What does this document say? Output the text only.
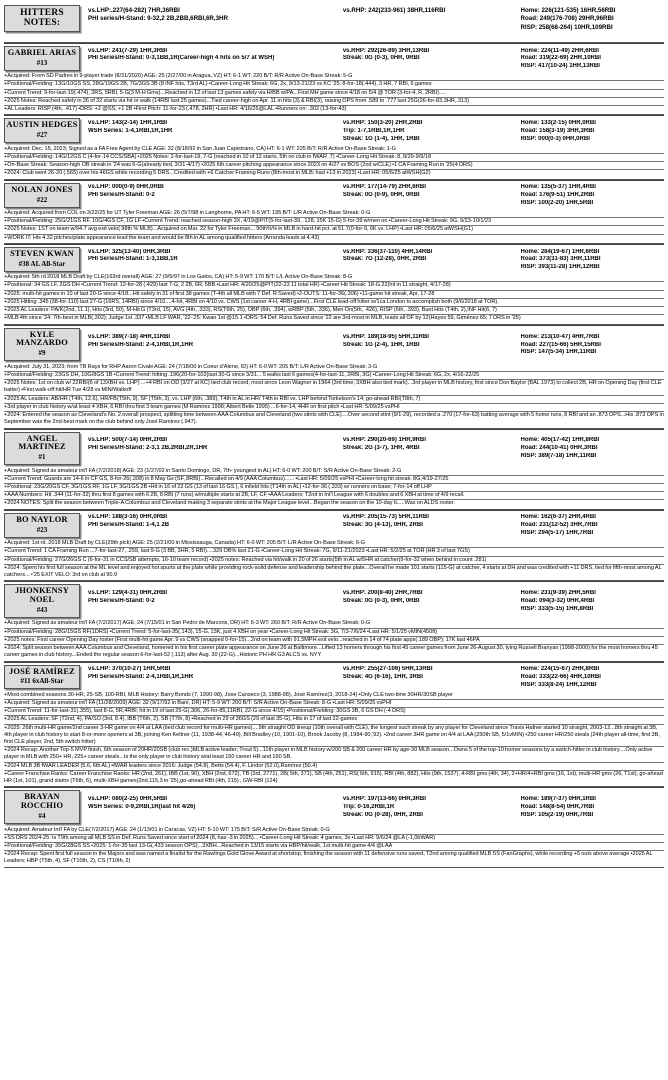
HITTERS NOTES:
vs.LHP:.227(64-282) 7HR,36RBI	vs.RHP: 242(233-961) 38HR,116RBI	Home: 226(121-535) 16HR,56RBI
PHI series/H-Stand: 9-32,2 2B,2BB,6RBI,6R,3HR	Road: 249(176-708) 29HR,96RBI
RISP: 258(68-264) 10HR,109RBI
GABRIEL ARIAS
#13
vs.LHP: 241(7-29) 1HR,3RBI	vs.RHP: 292(26-89) 3HR,13RBI	Home: 224(11-49) 2HR,6RBI
PHI Series/H-Stand: 0-3,1BB,1R(Career-high 4 hits on 5/7 at WSH)	Streak: 0G (0-3), 0HR, 0RBI	Road: 319(22-69) 2HR,10RBI
RISP: 417(10-24) 1HR,13RBI

+Acquired: From SD Padres in 9-player trade (8/31/2020) AGE: 25 (2/27/00 in Aragua, VZ) HT: 6-1 WT: 220 B/T: R/R Active On-Base Streak: 5-G

+Positional/Fielding: 13G/10GS SS, 28G/19GS 2B, 7G/3GS 3B (8 INF hits, T3rd AL) •Career-Long Hit Streak: 6G, 2x, 9/13-21/23 vs KC '25: 8-for-18(.444), 3 HR, 7 RBI, 6 games

+Current Trend: 9-for-last-19(.474), 3RS, 5RBI, 5-G(3 M-H Gms)...Reached in 12 of last 13 games safely via H/BB w/PA...First MH game since 4/18 on 5/4 @ TOR (3-for-4, R, 2RBI)....

+2025 Notes: Reached safely in 26 of 32 starts via hit or walk (14RBI last 25 games)...Tied career-high on Apr. 11 in hits (3) & RBI(3), raising OPS from .589 to .777 last 25G(26-for-83,3HR,.313)

+AL Leaders: RISP (4th, .417) •DRS: +2 @SS; +1 2B •First Pitch: 11-for-23 (.478, 2HR) •Last HR: 4/16/25@LAL •Runners on: .302 (13-for-43)

AUSTIN HEDGES
#27
vs.LHP: 143(2-14) 1HR,1RBI	vs.RHP: 150(3-20) 2HR,2RBI	Home: 133(2-15) 0HR,0RBI
WSH Series: 1-4,1RBI,1R,1HR	Trip: 1-7,1RBI,1R,1HR	Road: 158(3-19) 3HR,3RBI
Streak: 1G (1-4), 1HR, 1RBI	RISP: 000(0-3) 0HR,0RBI

+Acquired: Dec. 15, 2023; Signed as a FA Free Agent by CLE AGE: 32 (8/18/92 in San Juan Capistrano, CA) HT: 6-1 WT: 225 B/T: R/R Active On-Base Streak: 1-G

+Positional/Fielding: 14G/12GS C (4-for-14 CCS/SBA) •2025 Notes: 2-for-last-19, 7-G (reached in 10 of 12 starts, 5th on club in fWAR .7) •Career-Long Hit Streak: 8, 8/29-9/9/18

+On-Base Streak: Season-high OB streak in '24 was 6-G(already tied, 3/31-4/17) •2025 6th career pitching appearance since 2023 on 4/27 vs BOS (2nd w/CLE) •1 CA Framing Run in '25(4 DRS)

+2024: Club went 26-20 (.565) over his 46GS while recording 5 DRS...Credited with +6 Catcher Framing Runs (8th-most in MLB; had +13 in 2023) •Last HR: 05/6/25 atWSH(G2)

NOLAN JONES
#22
vs.LHP: 000(0-9) 0HR,0RBI	vs.RHP: 177(14-79) 2HR,6RBI	Home: 135(5-37) 1HR,4RBI
PHI Series/H-Stand: 0-2	Streak: 0G (0-9), 0HR, 0RBI	Road: 176(9-51) 1HR,2RBI
RISP: 100(2-20) 1HR,5RBI

+Acquired: Acquired from COL on 3/22/25 for UT Tyler Freeman AGE: 26 (5/7/98 in Langhorne, PA HT: 6-5 WT: 195 B/T: L/R Active On-Base Streak: 0-G

+Positional/Fielding: 25G/21GS RF, 10G/4GS CF, 1G LF •Current Trend: reached season-high 3X, 4/19@PIT(5-for-last-39, .128, 15K 15-G) 5-for-39 w/men on •Career-Long Hit Streak: 9G, 9/23-10/1/23

+2025 Notes: 1ST on team w/94.7 avg exit velo( 98th % MLB)...Acquired on Mar. 22 for Tyler Freeman... 90th%% in MLB in hard-hit pct. at 51.7(0-for-9, 6K vs. LHP) •Last HR: 05/6/25 atWSH(G1)

+WORK IT: His 4.32 pitches/plate appearance lead the team and would be 8th in AL among qualified hitters (Arranda leads at 4.43)

STEVEN KWAN
#38 AL All-Star
vs.LHP: 325(13-40) 0HR,3RBI	vs.RHP: 336(37-110) 4HR,14RBI	Home: 284(19-67) 1HR,6RBI
PHI Series/H-Stand: 1-3,1BB,1R	Streak: 7G (12-28), 0HR, 2RBI	Road: 373(31-83) 3HR,11RBI
RISP: 393(11-28) 1HR,12RBI

+Acquired: 5th rd 2018 MLB Draft by CLE(163rd overall) AGE: 27 (9/5/97 in Los Gatos, CA) HT: 5-9 WT: 170 B/T: L/L Active On-Base Streak: 8-G

+Positional: 34 GS LF, 2GS DH •Current Trend: 12-for-28 (.429) last 7-G, 2 2B, 6R, 5BB •Last HR: 4/20/25@PIT(22-23 11 total HR) •Career Hit Streak: 18-G 22(hit in 11 straight, 4/17-28)

+2025: multi-hit games in 10 of last 20-G since 4/18...Hit safely in 31 of first 38 games (T-4th all MLB with 7 Def. R Saved) •2-OUTS: 11-for-36(.306) •11-game hit streak, Apr. 17-28

+2025 Hitting .345 (38-for-110) last 27-G (16RS, 14RBI) since 4/10....4-hit, 4RBI on 4/10 vs. CWS (1st career 4-H, 4RBI game)...First CLE lead-off hitter w/1ca London to accomplish both (9/6/2018 at TOR).

+2025 AL Leaders: PA/K(2nd, 11.1), Hits (3rd, 50), M-Hit G (T3rd, 15), AVG (4th, .333), RS(T6th, 25), OBP (6th, .394), wRBP (5th, .336), Men On(5th, .426), RISP (6th, .393), Bunt Hits (T4th, 2),INF Hit(6, 7)

+MLB 4th since '24: 7th-best in MLB(.302); Judge 1st .337 •MLB LF WAR, '22-'25: Kwan 1st @15.1 •DRS: 54 Def. Runs Saved since '22 are 3rd-most in MLB, leads all OF by 12(Hayes 59, Giménez 65; 7 DRS in '25)

KYLE MANZARDO
#9
vs.LHP: 389(7-18) 4HR,11RBI	vs.RHP: 189(18-95) 5HR,11RBI	Home: 213(10-47) 4HR,7RBI
PHI Series/H-Stand: 2-4,1RBI,1R,1HR	Streak: 1G (2-4), 1HR, 1RBI	Road: 227(15-66) 5HR,15RBI
RISP: 147(5-34) 1HR,11RBI

+Acquired: July 31, 2023; from TB Rays for RHP Aaron Civale AGE: 24 (7/18/00 in Coeur d'Alene, ID) HT: 6-0 WT: 205 B/T: L/R Active On-Base Streak: 3-G

+Positional/Fielding: 23GS DH, 10G/8GS 1B •Current Trend: hitting .196(20-for-102)last 30-G since 3/31... 5 walks last 6 games(4-for-last-11, 2RBI, 3G) •Career-Long Hit Streak: 6G, 2x, 4/16-22/25

+2025 Notes: 1st on club w/ 22RBI(6 of 13XBH vs. LHP) ...+4 RBI on OD (3/27 at KC) tied club record, most since Leon Wagner in 1964 (3rd time; 3XBH also tied mark)...3rd player in MLB history, first since Don Baylor (BAL 1973) to collect 2B, HR on Opening Day (first CLE batter) •First walk-off hit/HR Tue 4/28 vs MIN/Walkoff

+2025 AL Leaders: AB/HR (T4th, 12.6), HR/FB(T5th, 9), SF (T5th, 3), vs. LHP (6th, .389), T4th in AL in HR/ T4th in RBI vs. LHP behind Torkelson's 14; go-ahead RBI(T8th, 7)

+3rd player in club history w/at least 4 XBH, 6 RBI thru first 3 team games (M Ramirez 1998; Albert Belle 1995) ...6-for-14, 4HR on first pitch •Last HR: 5/09/25 vsPHI

+2024: Entered the season as Cleveland's No. 2 overall prospect, splitting time between AAA Columbus and Cleveland (two stints with CLE)....Over second stint (9/1-29), recorded a .270 (17-for-63) batting average with 5 home runs, 8 RBI and an .873 OPS...His .873 OPS in September was the 2nd-best mark on the club behind only José Ramírez (.947).

ANGEL MARTINEZ
#1
vs.LHP: 500(7-14) 0HR,2RBI	vs.RHP: 290(20-69) 1HR,9RBI	Home: 405(17-42) 1HR,8RBI
PHI Series/H-Stand: 2-3,1 2B,2RBI,2R,1HR	Streak: 2G (3-7), 1HR, 4RBI	Road: 244(10-41) 0HR,3RBI
RISP: 389(7-18) 1HR,11RBI

+Acquired: Signed as amateur int'l FA (7/2/2018) AGE: 23 (1/27/02 in Santo Domingo, DR, 7th- youngest in AL) HT: 6-0 WT: 200 B/T: S/R Active On-Base Streak: 2-G

+Current Trend: Guards are 14-6 in CF GS, 8-for-26(.308) in 8 May Gs (SF, 8RBI)...Recalled on 4/9 (AAA Columbus)...... •Last HR: 5/09/25 vsPHI •Career-long hit streak: 8G,4/19-27/25

+Positional: 23G/20GS CF, 3G/1GS RF, 1G LF, 3G/1GS 2B •Hit in 16 of 22 GS (13 of last 16 GS ), 6 infield hits (T14th in AL) •12-for-36 (.333) w/ runners on base; 7-for-14 off LHP

+AAA Numbers: Hit .344 (11-for-32) thru first 8 games with 6 2B, 8 RBI (7 runs) w/multiple starts at 2B, LF, CF •AAA Leaders: T2nd in Int'l League with 6 doubles and 6 XBH at time of 4/9 recall.

+2024 NOTES: Split the season between Triple-A Columbus and Cleveland making 3 separate stints at the Major League level...Began the season on the 10-day IL....Was on ALDS roster.

BO NAYLOR
#23
vs.LHP: 188(3-16) 0HR,0RBI	vs.RHP: 205(15-73) 5HR,11RBI	Home: 162(6-37) 2HR,4RBI
PHI Series/H-Stand: 1-4,1 2B	Streak: 3G (4-13), 0HR, 2RBI	Road: 231(12-52) 3HR,7RBI
RISP: 294(5-17) 1HR,7RBI

+Acquired: 1st rd. 2018 MLB Draft by CLE(29th pick) AGE: 25 (2/21/00 in Mississauga, Canada) HT: 6-0 WT: 205 B/T: L/R Active On-Base Streak: 6-G

+Current Trend: 1 CA Framing Run ...7-for-last-27, .259, last 9-G (3 BB, 3HR, 5 RBI)....329 OB% last 21-G •Career-Long Hit Streak: 7G, 9/11-21/2023 •Last HR: 5/2/25 at TOR (HR 3 of last 7GS)

+Positional/Fielding: 27G/26GS C (6-for-31 in CCS/SB attempts, 16-10 team record) •2025 notes: Reached via hit/walk in 20 of 26 starts(5th in AL w/5HR at catcher(9-for-32 when behind in count .281)

+2024: Spent his first full season at the ML level and enjoyed hot spurts at the plate while providing rock-solid defense and leadership behind the plate...Overall he made 101 starts (115-G) at catcher, 4 starts at DH and was credited with +11 DRS, tied for fifth-most among AL catchers... •'25 EXIT VELO: 3rd on club at 90.9

JHONKENSY NOEL
#43
vs.LHP: 129(4-31) 0HR,2RBI	vs.RHP: 200(8-40) 2HR,7RBI	Home: 231(9-39) 2HR,5RBI
PHI Series/H-Stand: 0-2	Streak: 0G (0-3), 0HR, 0RBI	Road: 094(3-32) 0HR,4RBI
RISP: 333(5-15) 1HR,8RBI

+Acquired: Signed as amateur int'l FA (7/2/2017) AGE: 24 (7/15/01 in San Pedro de Marcoris, DR) HT: 6-3 WT: 260 B/T: R/R Active On-Base Streak: 0-G

+Positional/Fielding: 28G/15GS RF(1DRS) •Current Trend: 5-for-last-35(.143), 15-G, 13K, just 4 XBH on year •Career-Long Hit Streak: 3G, 7/3-7/6/24 •Last HR: 5/1/25 vMIN(450ft)

+2025 notes: First career Opening Day roster (First multi-hit game Apr. 9 vs CWS (snapped 0-for-15)...2nd on team with 91.5MPH exit velo...reached in 14 of 74 plate apps(.189 OBP); 17K last 46PA

+2024: Split season between AAA Columbus and Cleveland, homered in his first career plate appearance on June 26 at Baltimore...Lifted 13 homers through his first 45 career games from June 26-August 30, tying Russell Branyan (1998-2000) for the most homers thru 45 career games in club history...Ended the regular season 6-for-last-52 (.113) after Aug. 30 (22-G)...Historic PH HR G3 ALCS vs. NYY

JOSÉ RAMÍREZ
#11 6xAll-Star
vs.LHP: 370(10-27) 1HR,5RBI	vs.RHP: 255(27-106) 5HR,13RBI	Home: 224(15-67) 2HR,8RBI
PHI Series/H-Stand: 2-4,1RBI,1R,1HR	Streak: 4G (6-16), 1HR, 3RBI	Road: 333(22-66) 4HR,10RBI
RISP: 333(8-24) 1HR,12RBI

+Most combined seasons 30-HR, 25-SB, 100-RBI, MLB History: Barry Bonds (7, 1990-98), Jose Canseco (3, 1988-98), José Ramírez(3, 2018-24) •Only CLE two-time 30HR/30SB player

+Acquired: Signed as amateur int'l FA (11/28/2009) AGE: 32 (9/17/92 in Baní, DR) HT: 5-9 WT: 200 B/T: S/R Active On-Base Streak: 8-G •Last HR: 5/09/25 vsPHI

+Current Trend: 11-for-last-31(.355), last 8-G, 5R,4RBI; hit in 19 of last 25-G(.306, 26-for-85,11RBI, 22-G since 4/15) •Positional/Fielding: 30GS 3B, 6 GS DH (-4 DRS)

+2025 AL Leaders: SF (T2nd, 4), PA/SO (3rd, 8.4), IBB (T6th, 2), SB (T7th, 8) •Reached in 29 of 36GS (29 of last 35-G), Hits in 17 of last 22-games

+2025: 26th multi-HR game/2nd career 3-HR game on 4/4 at LAA (tied club record for multi-HR games)....9th straight OD lineup (10th overall with CLE), the longest such streak by any player for Cleveland since Travis Hafner started 10 straight, 2003-12...8th straight at 3B, 4th player in club history to start 8-or-more openers at 3B, joining Ken Keltner (11, 1938-44,'46-49), Bill Bradley (10, 1901-10), Brook Jacoby (8, 1984-90,'92). •2nd career 3HR game on 4/4 at LAA (250th SB, 5/1vMIN) •250 career HR/250 steals (24th player all-time, first 3B, first CLE player, 2nd, 5th switch hitter)

+2024 Recap: Another Top-5 MVP finish, 6th season of 20HR/20SB (club rec.)MLB active leader; Trout 5)...11th player in MLB history w/200 SB & 200 career HR by age-30 MLB season...Owns 5 of the top-10 homer seasons by a switch-hitter in club history....Only active player in MLB with 250+ HR, 225+ career steals...Is the only player in club history w/at least 150 career HR and 150 SB.

+2024 MLB 3B fWAR LEADER (5.6, 6th AL) •fWAR leaders since 2016: Judge (54.8), Betts (54.4), F. Lindor (52.0),Ramírez (50.4)

+Career Franchise Ranks: Career Franchise Ranks: HR (2nd, 261), IBB (1st, 90), XBH (2nd, 672), TB (3rd, 2771), 2B( 5th, 371), SB (4th, 251), RS( 6th, 915), RBI (4th, 882), Hits (9th, 1537), 4-RBI gms (4th, 34), 2+HR/4+RBI gms (16, 1st), multi-HR gms (26, T1st), go-ahead HR (1st, 101), grand slams (T6th, 6), multi-XBH games(2nd,115,3 in '25),go-ahead RBI (4th, 215) , GW-RBI (124)

BRAYAN ROCCHIO
#4
vs.LHP: 080(2-25) 0HR,5RBI	vs.RHP: 197(13-66) 0HR,3RBI	Home: 189(7-37) 0HR,1RBI
WSH Series: 0-9,2RBI,1R(last hit 4/26)	Trip: 0-16,2RBI,1R	Road: 148(8-54) 0HR,7RBI
Streak: 0G (0-28), 0HR, 2RBI	RISP: 105(2-19) 0HR,7RBI

+Acquired: Amateur Int'l FA by CLE(7/2/2017) AGE: 24 (1/13/01 in Caracas, VZ) HT: 5-10 WT: 175 B/T: S/R Active On-Base Streak: 0-G

+SS DRS 2024-25: Is T9th among all MLB SS in Def. Runs Saved since start of 2024 (8, has -3 in 2025)... •Career-Long Hit Streak: 4 games, 3x •Last HR: 9/6/24 @LA (-1,0bWAR)

+Positional/Fielding: 35G/28GS SS •2025: 1-for-35 last 13-G(.433 season OPS)...3XBH...Reached in 13/15 starts via HBP/hit/walk, 1st multi-hit game 4/4 @LAA

+2024 Recap: Spent first full season in the Majors and was named a finalist for the Rawlings Gold Glove Award at shortstop, finishing the season with 11 defensive runs saved, T2nd among qualified MLB SS (FanGraphs), while recording +5 outs above average •2025 AL Leaders: HBP (T5th, 4), SF (T10th, 2), CS (T10th, 2)
